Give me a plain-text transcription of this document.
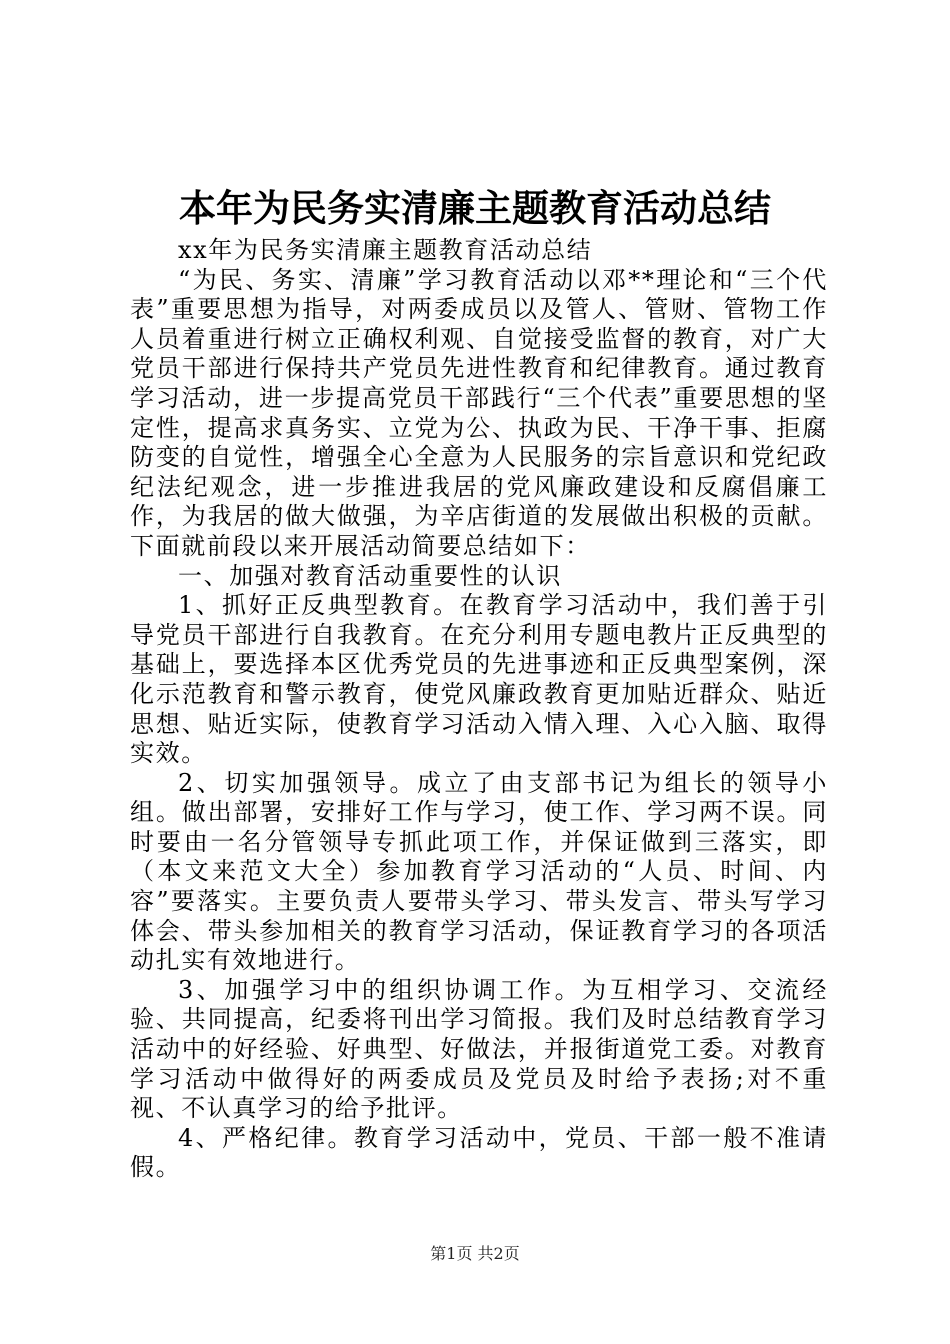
本年为民务实清廉主题教育活动总结

xx年为民务实清廉主题教育活动总结

“为民、务实、清廉”学习教育活动以邓**理论和“三个代表”重要思想为指导，对两委成员以及管人、管财、管物工作人员着重进行树立正确权利观、自觉接受监督的教育，对广大党员干部进行保持共产党员先进性教育和纪律教育。通过教育学习活动，进一步提高党员干部践行“三个代表”重要思想的坚定性，提高求真务实、立党为公、执政为民、干净干事、拒腐防变的自觉性，增强全心全意为人民服务的宗旨意识和党纪政纪法纪观念，进一步推进我居的党风廉政建设和反腐倡廉工作，为我居的做大做强，为辛店街道的发展做出积极的贡献。下面就前段以来开展活动简要总结如下：

一、加强对教育活动重要性的认识

1、抓好正反典型教育。在教育学习活动中，我们善于引导党员干部进行自我教育。在充分利用专题电教片正反典型的基础上，要选择本区优秀党员的先进事迹和正反典型案例，深化示范教育和警示教育，使党风廉政教育更加贴近群众、贴近思想、贴近实际，使教育学习活动入情入理、入心入脑、取得实效。

2、切实加强领导。成立了由支部书记为组长的领导小组。做出部署，安排好工作与学习，使工作、学习两不误。同时要由一名分管领导专抓此项工作，并保证做到三落实，即（本文来范文大全）参加教育学习活动的“人员、时间、内容”要落实。主要负责人要带头学习、带头发言、带头写学习体会、带头参加相关的教育学习活动，保证教育学习的各项活动扎实有效地进行。

3、加强学习中的组织协调工作。为互相学习、交流经验、共同提高，纪委将刊出学习简报。我们及时总结教育学习活动中的好经验、好典型、好做法，并报街道党工委。对教育学习活动中做得好的两委成员及党员及时给予表扬;对不重视、不认真学习的给予批评。

4、严格纪律。教育学习活动中，党员、干部一般不准请假。

第1页 共2页
